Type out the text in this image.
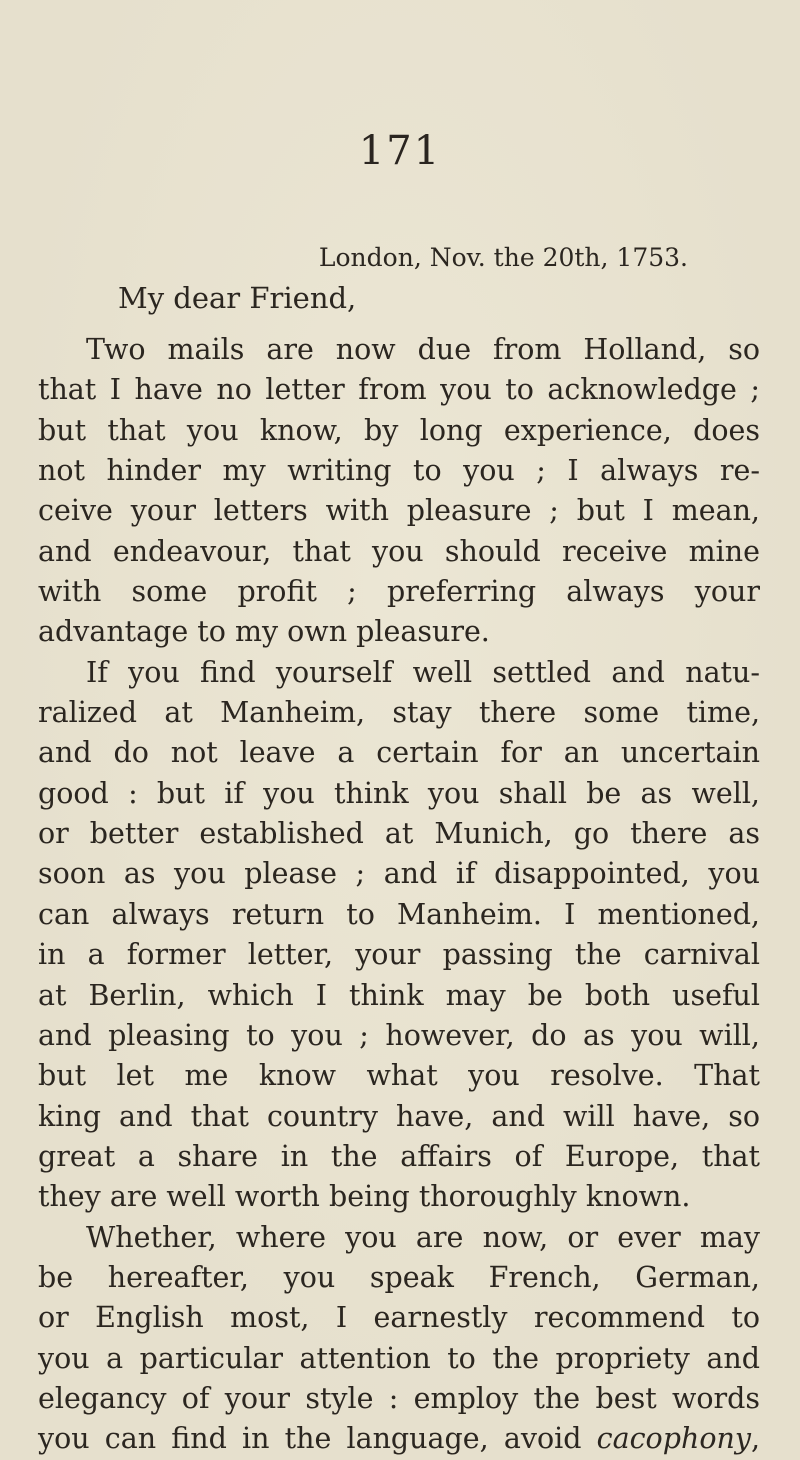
171
London, Nov. the 20th, 1753.
My dear Friend,
Two mails are now due from Holland, so
that I have no letter from you to acknowledge ;
but that you know, by long experience, does
not hinder my writing to you ; I always re-
ceive your letters with pleasure ; but I mean,
and endeavour, that you should receive mine
with some profit ; preferring always your
advantage to my own pleasure.
If you find yourself well settled and natu-
ralized at Manheim, stay there some time,
and do not leave a certain for an uncertain
good : but if you think you shall be as well,
or better established at Munich, go there as
soon as you please ; and if disappointed, you
can always return to Manheim. I mentioned,
in a former letter, your passing the carnival
at Berlin, which I think may be both useful
and pleasing to you ; however, do as you will,
but let me know what you resolve. That
king and that country have, and will have, so
great a share in the affairs of Europe, that
they are well worth being thoroughly known.
Whether, where you are now, or ever may
be hereafter, you speak French, German,
or English most, I earnestly recommend to
you a particular attention to the propriety and
elegancy of your style : employ the best words
you can find in the language, avoid cacophony,
